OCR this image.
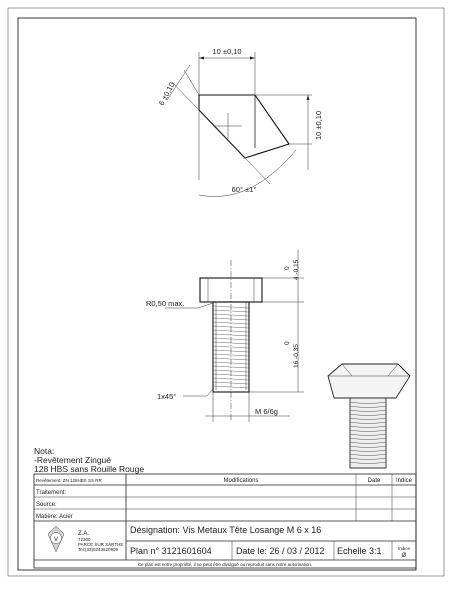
10 ±0,10
10 ±0,10
6 ±0,10
60° ±1°
R0,50 max.
0 4 -0,15
0
16 -0,35
1x45°
M 6/6g
Nota:
-Revêtement Zingué
128 HBS sans Rouille Rouge
Revêtement: ZN 128HBS SS RR	Modifications	Date	Indice
Traitement:
Source:
Matière: Acier
V
Z.A.
72300
PARCE SUR SARTHE
Tel:(33)0243620909
Désignation: Vis Metaux Tête Losange M 6 x 16
Plan n° 3121601604	Date le: 26 / 03 / 2012 Echelle 3:1	Indice
Ø
Ce plan est notre propriété, il ne peut être divulgué ou reproduit sans notre autorisation.
